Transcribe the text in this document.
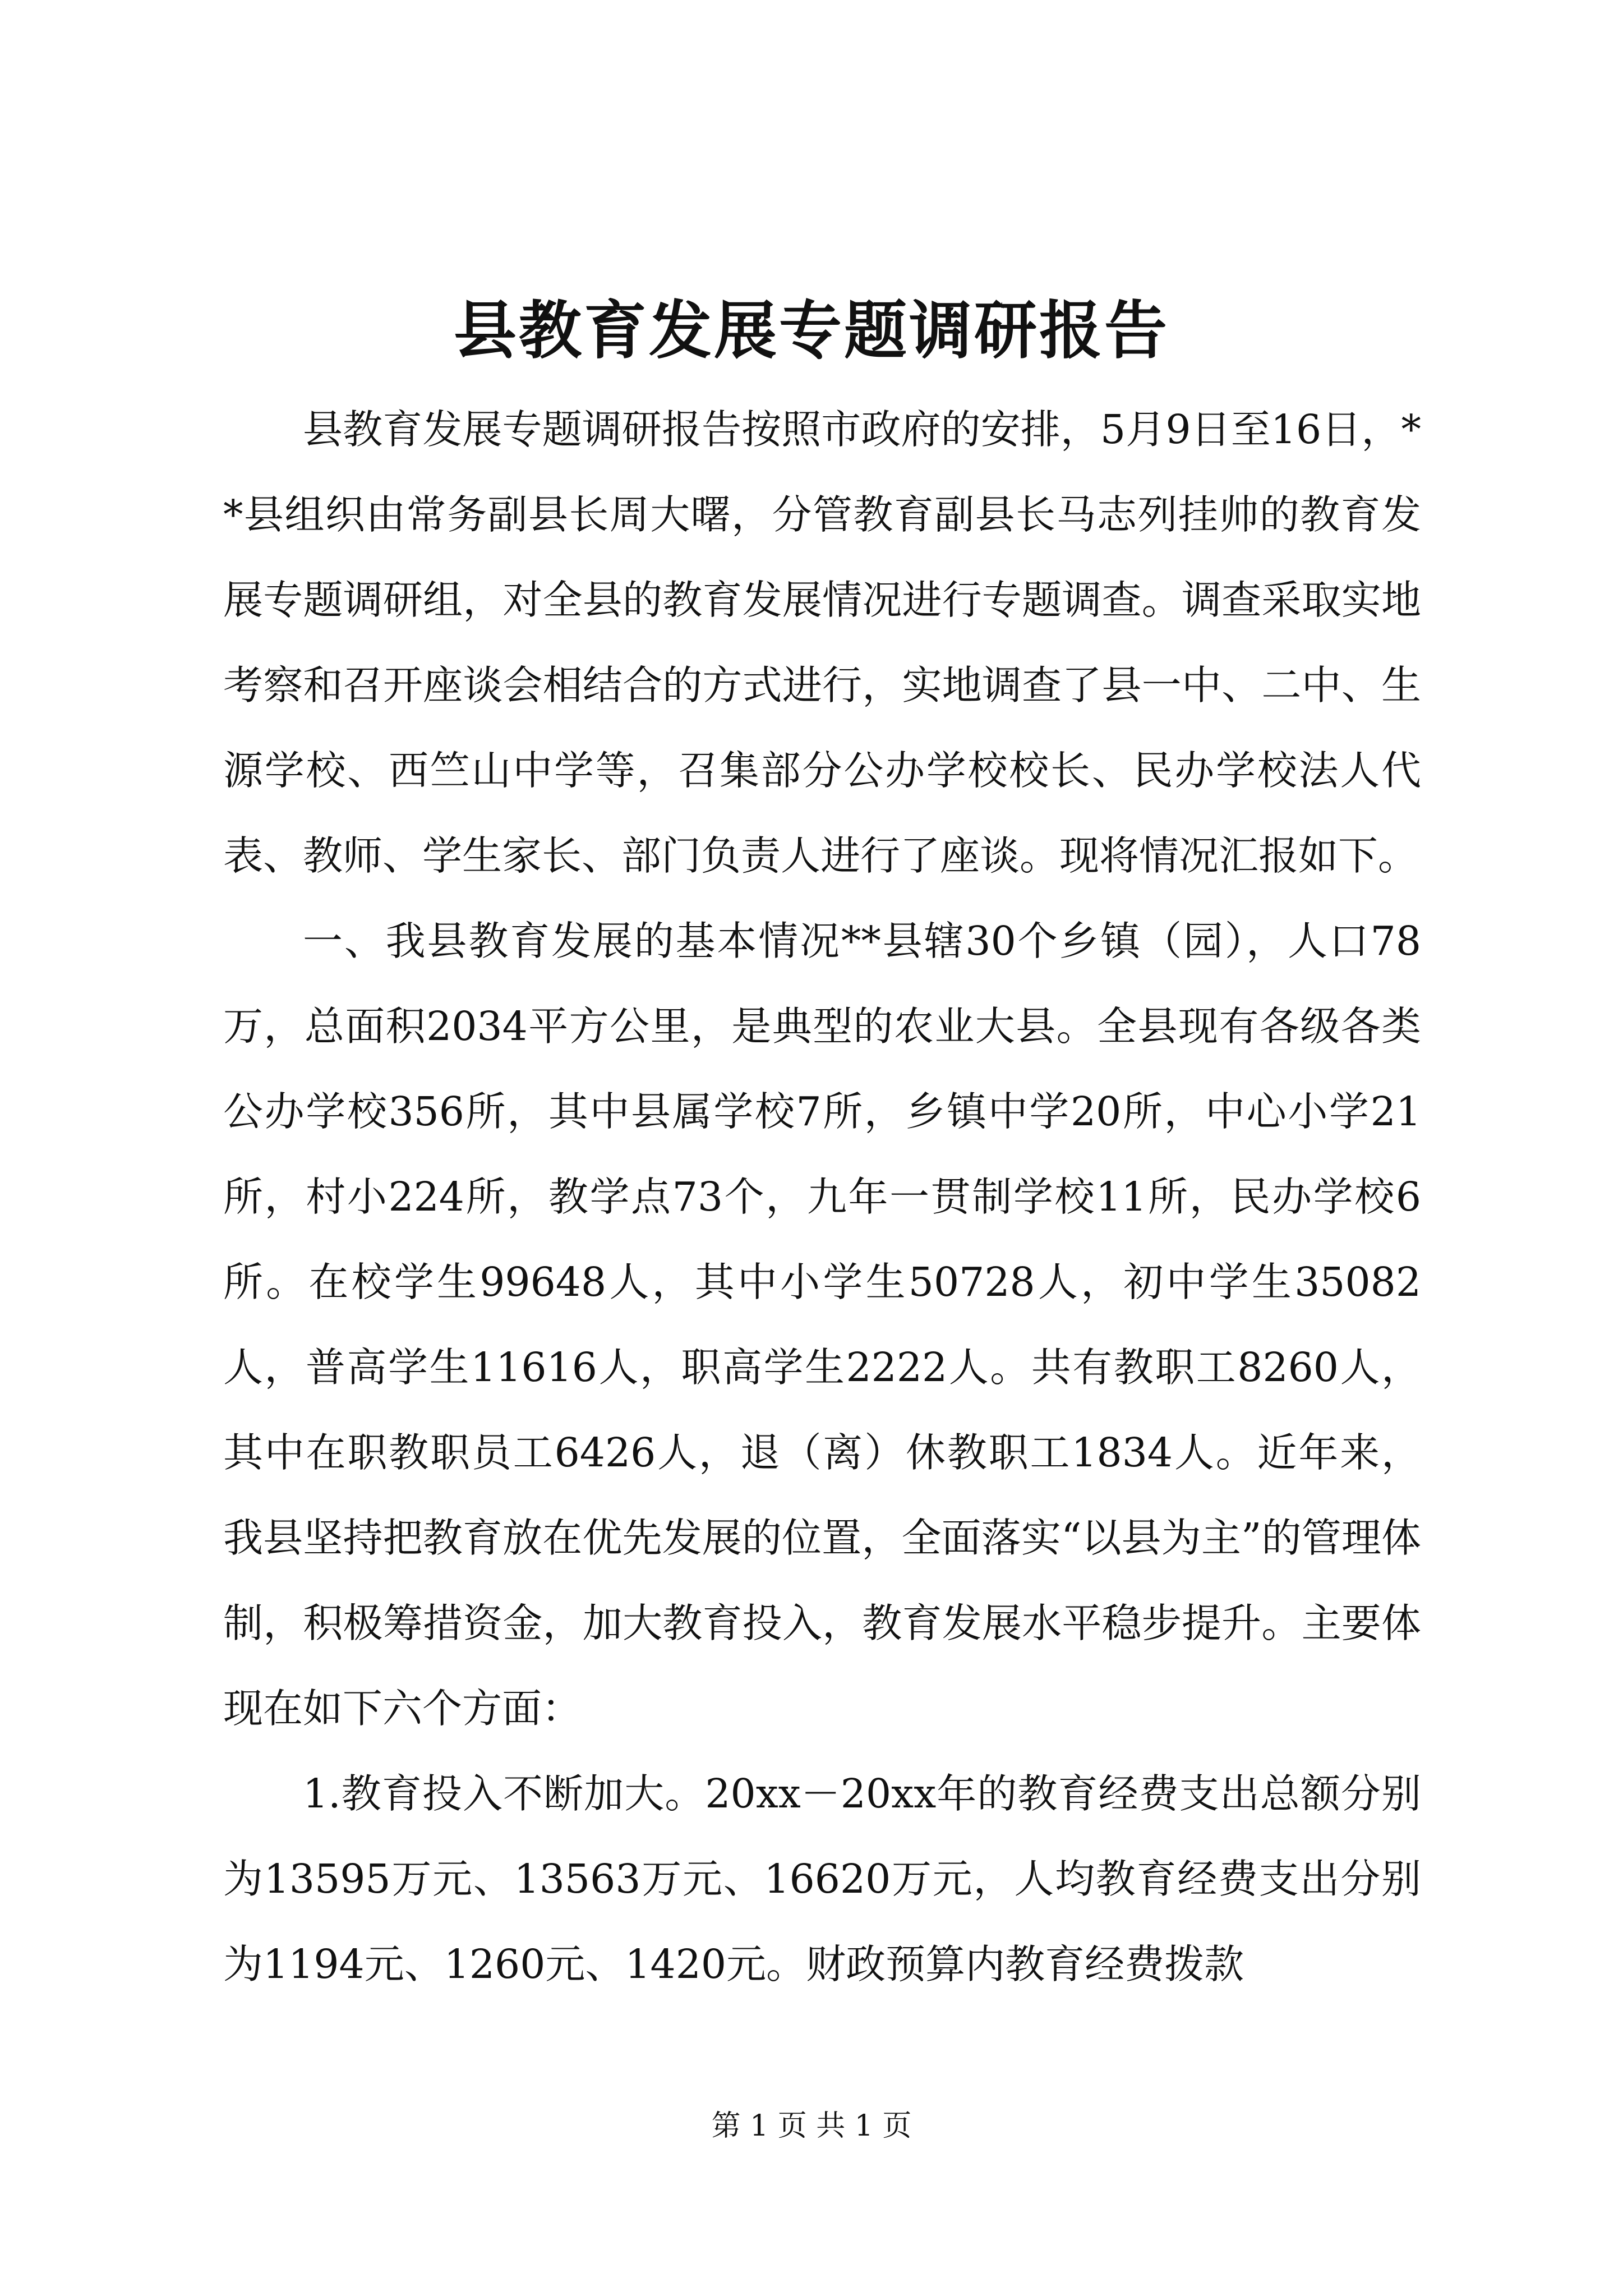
县教育发展专题调研报告

县教育发展专题调研报告按照市政府的安排，5月9日至16日，**县组织由常务副县长周大曙，分管教育副县长马志列挂帅的教育发展专题调研组，对全县的教育发展情况进行专题调查。调查采取实地考察和召开座谈会相结合的方式进行，实地调查了县一中、二中、生源学校、西竺山中学等，召集部分公办学校校长、民办学校法人代表、教师、学生家长、部门负责人进行了座谈。现将情况汇报如下。

一、我县教育发展的基本情况**县辖30个乡镇（园），人口78万，总面积2034平方公里，是典型的农业大县。全县现有各级各类公办学校356所，其中县属学校7所，乡镇中学20所，中心小学21所，村小224所，教学点73个，九年一贯制学校11所，民办学校6所。在校学生99648人，其中小学生50728人，初中学生35082人，普高学生11616人，职高学生2222人。共有教职工8260人，其中在职教职员工6426人，退（离）休教职工1834人。近年来，我县坚持把教育放在优先发展的位置，全面落实“以县为主”的管理体制，积极筹措资金，加大教育投入，教育发展水平稳步提升。主要体现在如下六个方面：

1.教育投入不断加大。20xx－20xx年的教育经费支出总额分别为13595万元、13563万元、16620万元，人均教育经费支出分别为1194元、1260元、1420元。财政预算内教育经费拨款

第 1 页 共 1 页
